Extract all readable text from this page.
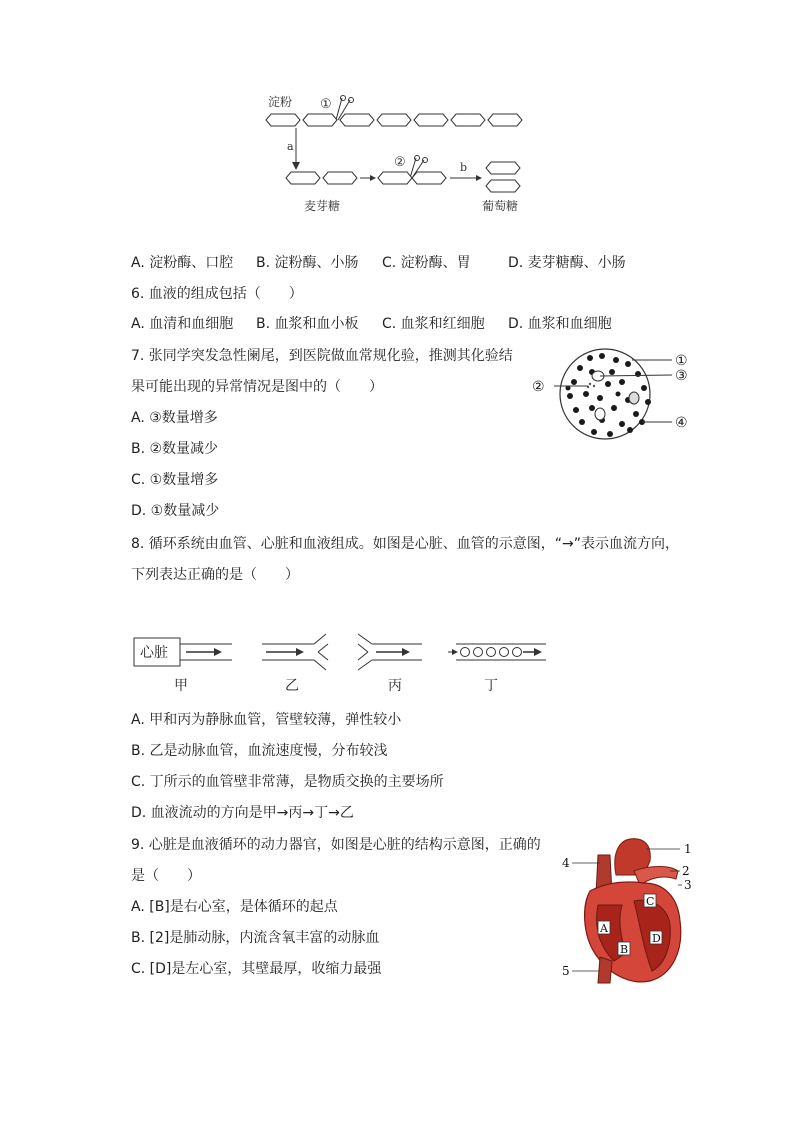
淀粉 ①
a
②	b
麦芽糖	葡萄糖
A. 淀粉酶、口腔 B. 淀粉酶、小肠 C. 淀粉酶、胃	D. 麦芽糖酶、小肠
6. 血液的组成包括（　　）
A. 血清和血细胞 B. 血浆和血小板 C. 血浆和红细胞 D. 血浆和血细胞
7. 张同学突发急性阑尾，到医院做血常规化验，推测其化验结
果可能出现的异常情况是图中的（　　）
A. ③数量增多
B. ②数量减少
C. ①数量增多
D. ①数量减少
①
③
②
④
8. 循环系统由血管、心脏和血液组成。如图是心脏、血管的示意图，“→”表示血流方向，
下列表达正确的是（　　）
心脏
甲	乙	丙	丁
A. 甲和丙为静脉血管，管壁较薄，弹性较小
B. 乙是动脉血管，血流速度慢，分布较浅
C. 丁所示的血管壁非常薄，是物质交换的主要场所
D. 血液流动的方向是甲→丙→丁→乙
9. 心脏是血液循环的动力器官，如图是心脏的结构示意图，正确的
是（　　）
A. [B]是右心室，是体循环的起点
B. [2]是肺动脉，内流含氧丰富的动脉血
C. [D]是左心室，其壁最厚，收缩力最强
A
B
C
D
1
2
3
4
5
